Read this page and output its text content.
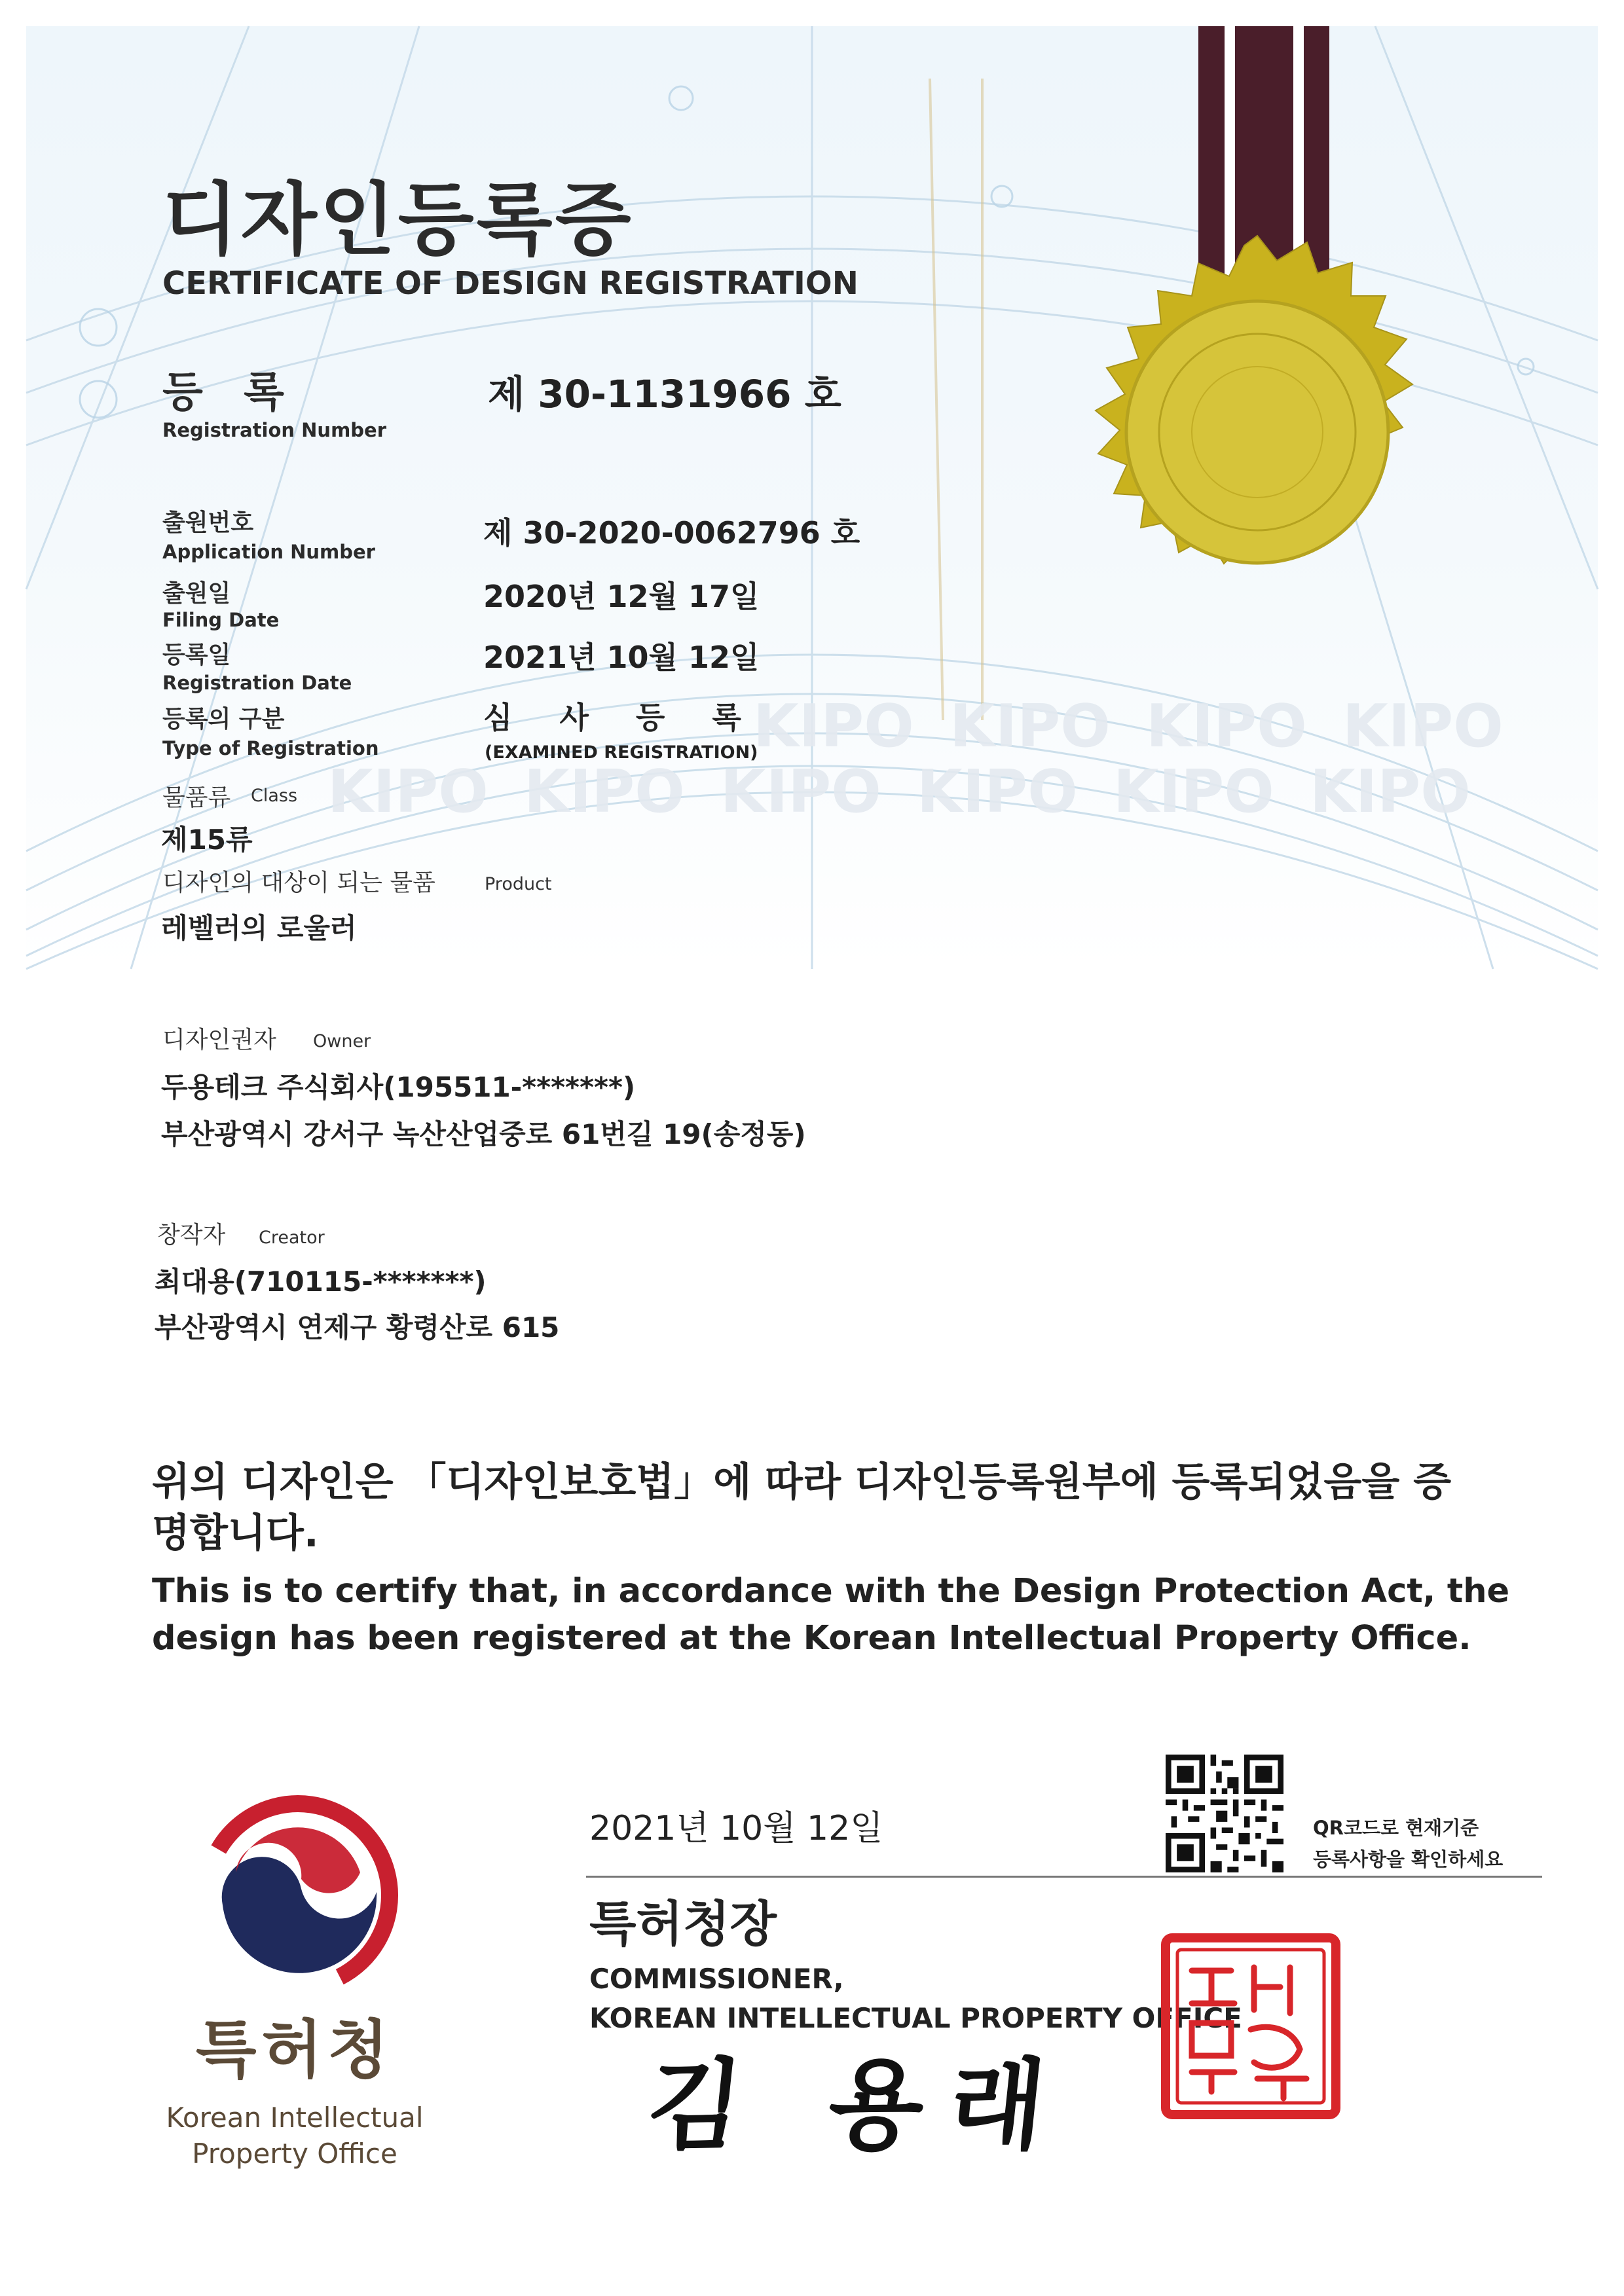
KIPO KIPO KIPO KIPO
KIPO KIPO KIPO KIPO KIPO KIPO
디자인등록증
CERTIFICATE OF DESIGN REGISTRATION
등 록
Registration Number
제 30-1131966 호
출원번호
Application Number
제 30-2020-0062796 호
출원일
Filing Date
2020년 12월 17일
등록일
Registration Date
2021년 10월 12일
등록의 구분
Type of Registration
심 사 등 록
(EXAMINED REGISTRATION)
물품류 Class
제15류
디자인의 대상이 되는 물품	Product
레벨러의 로울러
디자인권자 Owner
두용테크 주식회사(195511-*******)
부산광역시 강서구 녹산산업중로 61번길 19(송정동)
창작자 Creator
최대용(710115-*******)
부산광역시 연제구 황령산로 615
위의 디자인은 「디자인보호법」에 따라 디자인등록원부에 등록되었음을 증명합니다.
This is to certify that, in accordance with the Design Protection Act, the design has been registered at the Korean Intellectual Property Office.
특허청
Korean Intellectual
Property Office
2021년 10월 12일	QR코드로 현재기준
등록사항을 확인하세요
특허청장
COMMISSIONER,
KOREAN INTELLECTUAL PROPERTY OFFICE
김 용래
